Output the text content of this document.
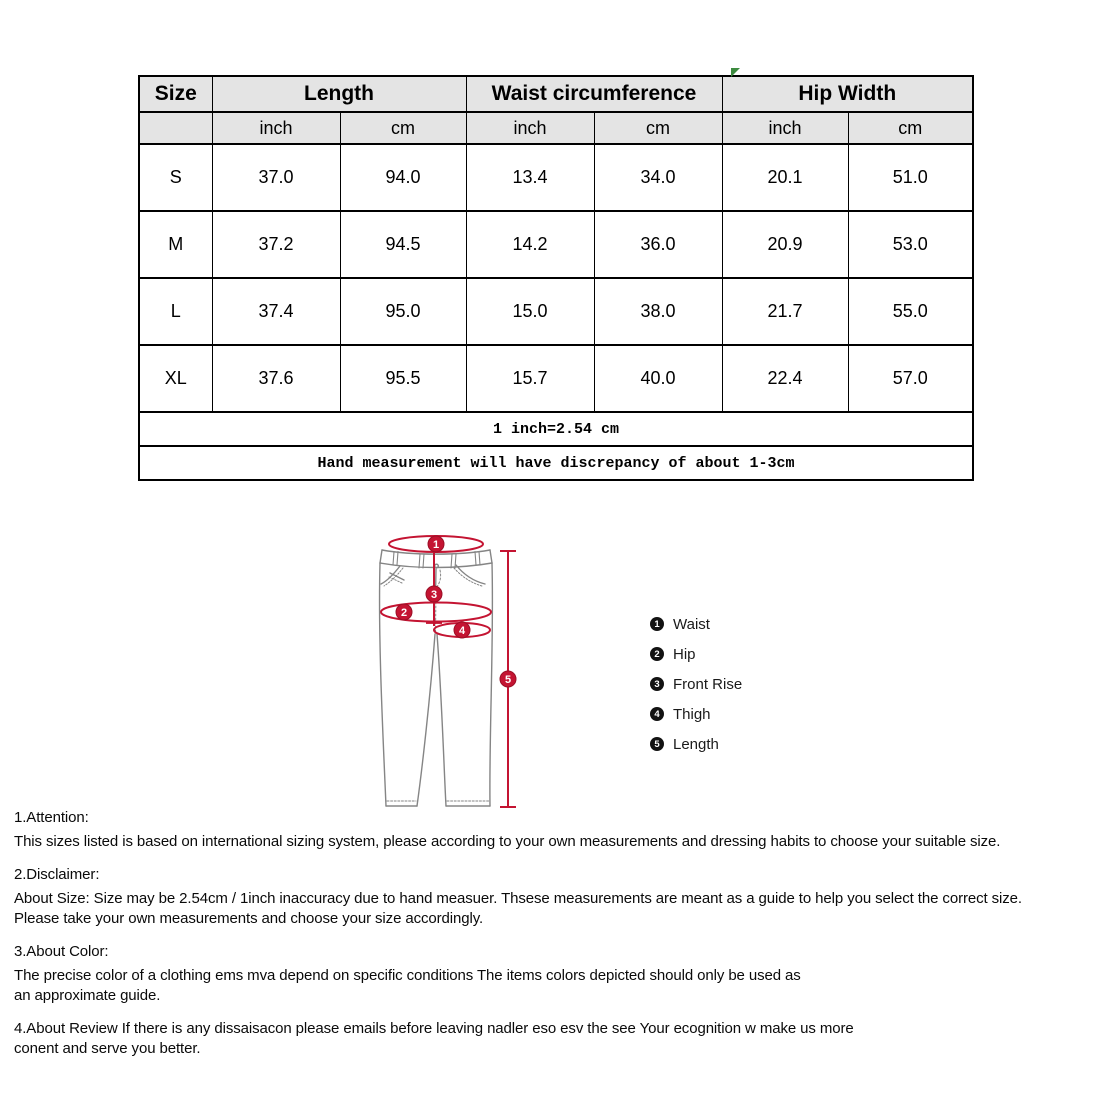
Size	Length		Waist circumference		Hip Width	
	inch	cm	inch	cm	inch	cm
S	37.0	94.0	13.4	34.0	20.1	51.0
M	37.2	94.5	14.2	36.0	20.9	53.0
L	37.4	95.0	15.0	38.0	21.7	55.0
XL	37.6	95.5	15.7	40.0	22.4	57.0
1 inch=2.54 cm						
Hand measurement will have discrepancy of about 1-3cm						
1
2
3
4
5
1 Waist
2 Hip
3 Front Rise
4 Thigh
5 Length

1.Attention:

This sizes listed is based on international sizing system, please according to your own measurements and dressing habits to choose your suitable size.

2.Disclaimer:

About Size: Size may be 2.54cm / 1inch inaccuracy due to hand measuer. Thsese measurements are meant as a guide to help you select the correct size.

Please take your own measurements and choose your size accordingly.

3.About Color:

The precise color of a clothing ems mva depend on specific conditions The items colors depicted should only be used as

an approximate guide.

4.About Review If there is any dissaisacon please emails before leaving nadler eso esv the see Your ecognition w make us more

conent and serve you better.
